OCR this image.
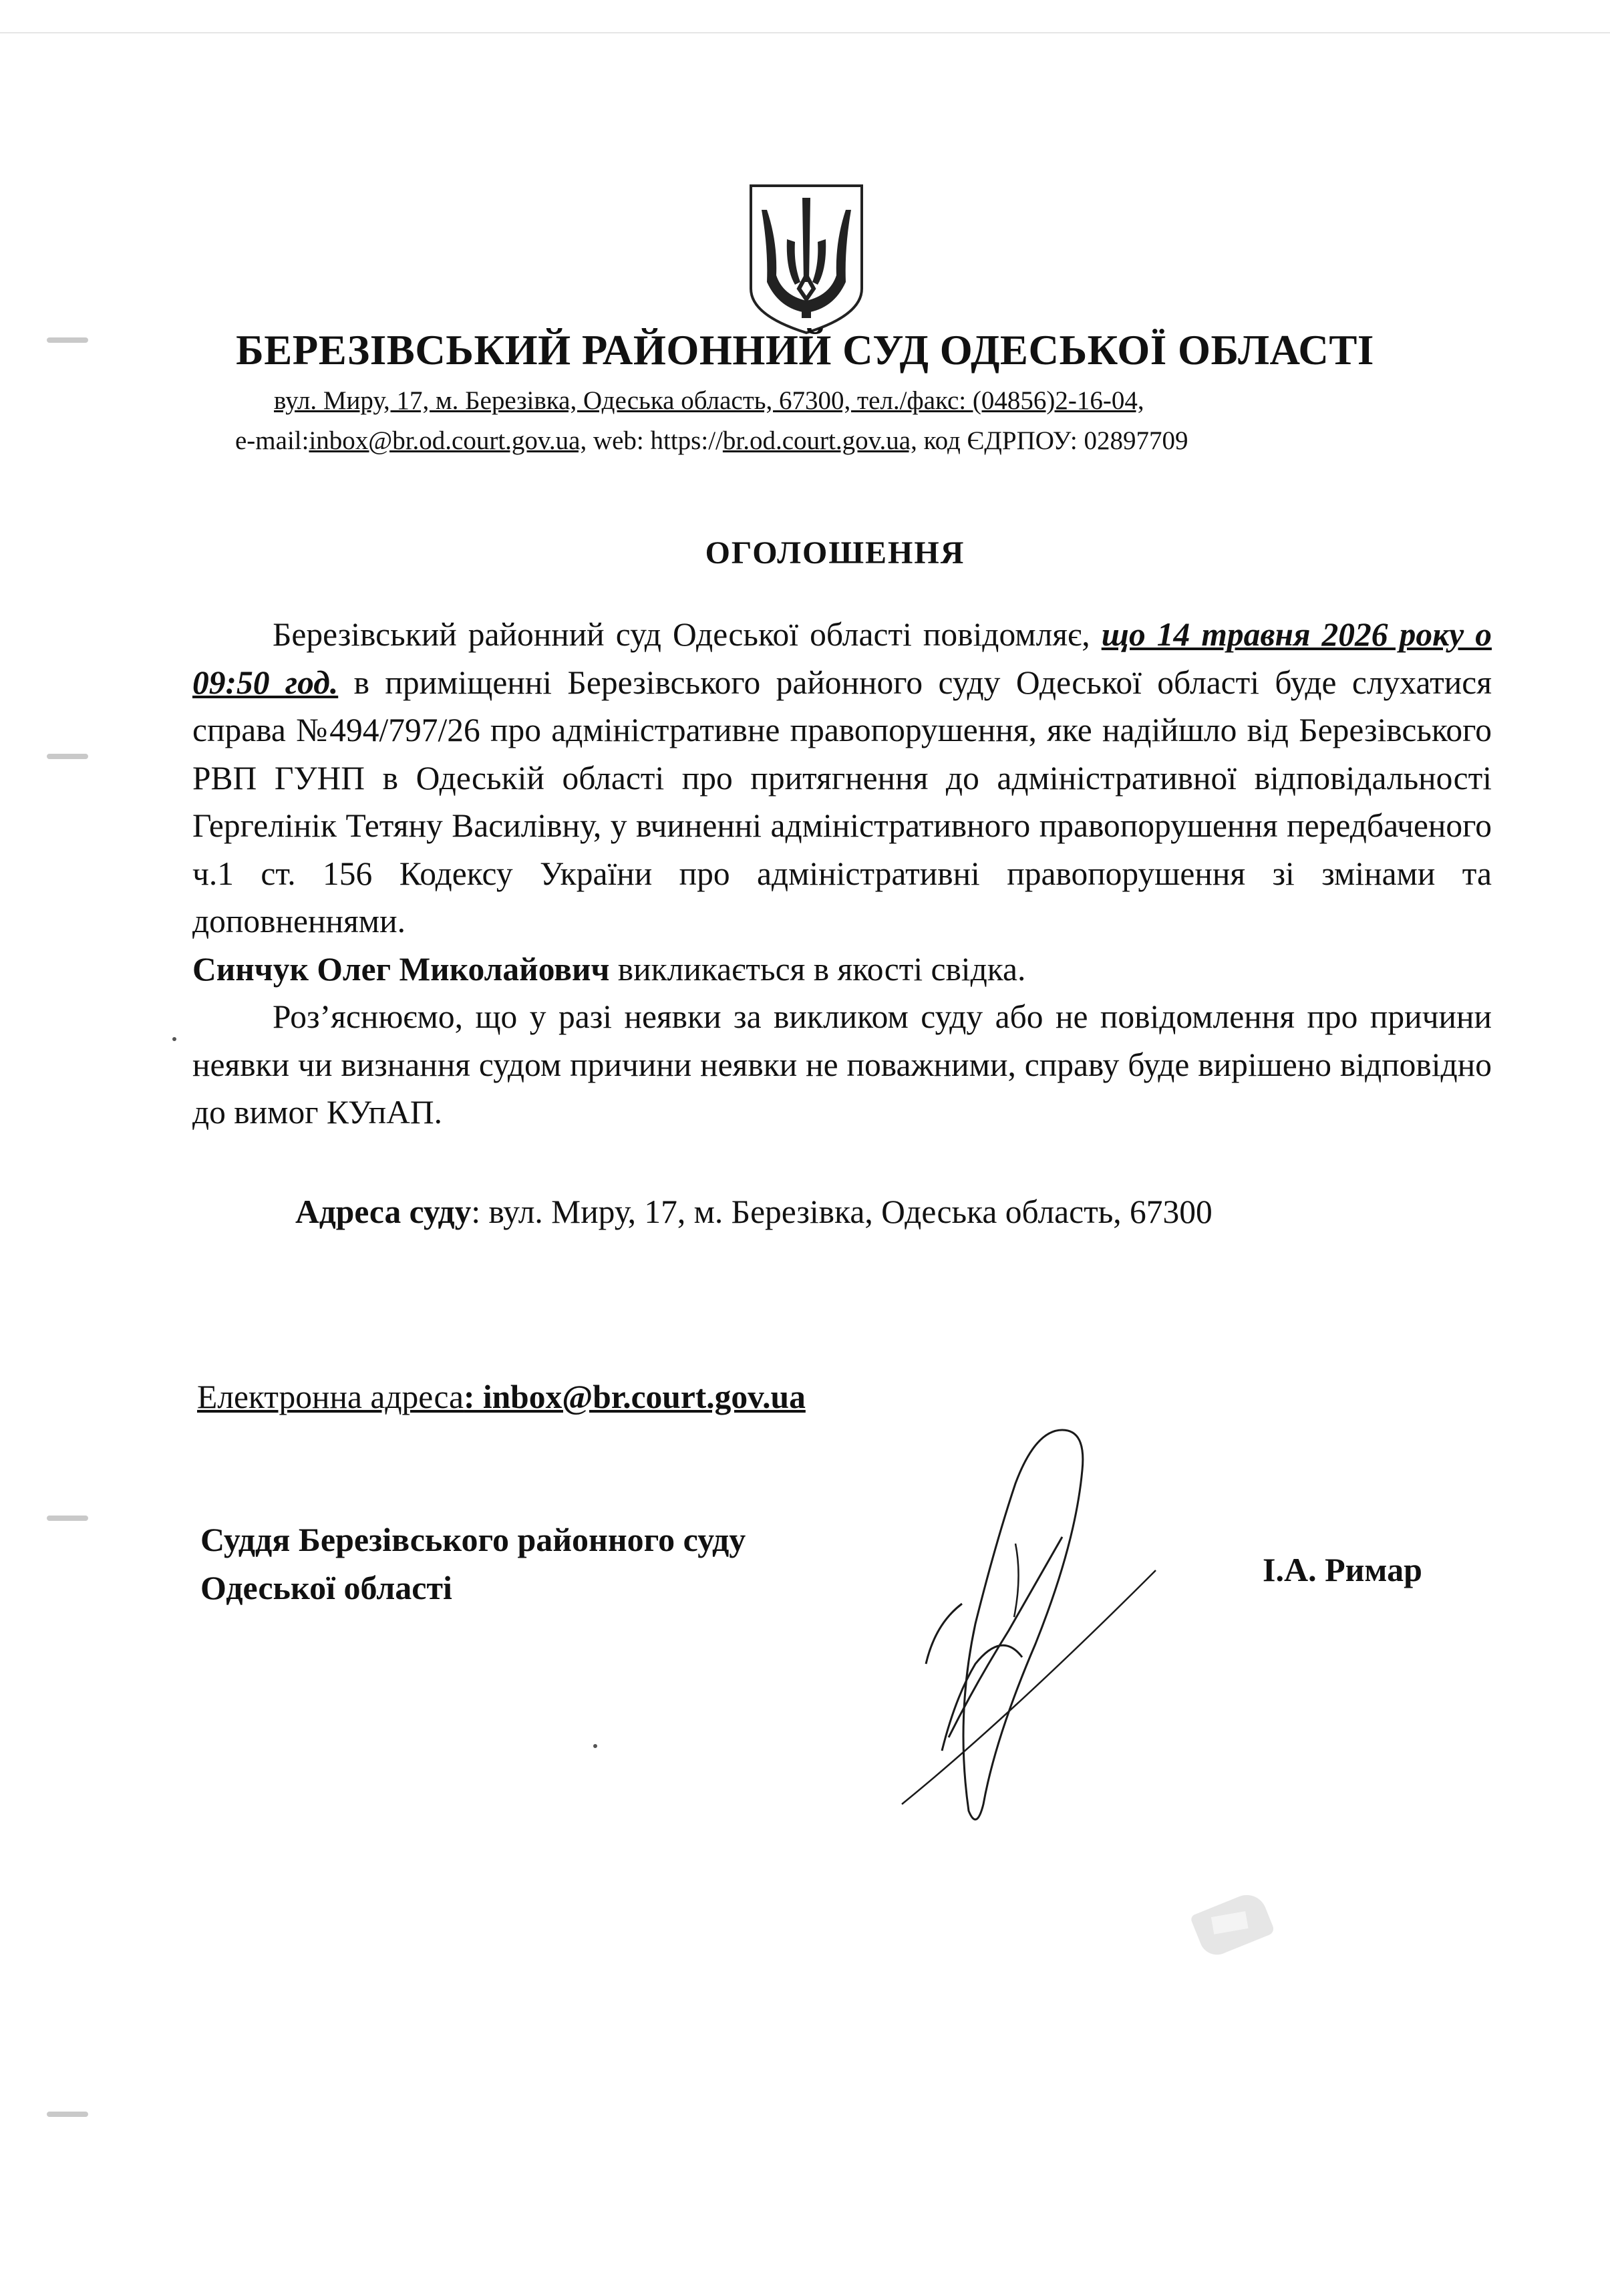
БЕРЕЗІВСЬКИЙ РАЙОННИЙ СУД ОДЕСЬКОЇ ОБЛАСТІ
вул. Миру, 17, м. Березівка, Одеська область, 67300, тел./факс: (04856)2-16-04,
e-mail:inbox@br.od.court.gov.ua, web: https://br.od.court.gov.ua, код ЄДРПОУ: 02897709
ОГОЛОШЕННЯ

Березівський районний суд Одеської області повідомляє, що 14 травня 2026 року о 09:50 год. в приміщенні Березівського районного суду Одеської області буде слухатися справа №494/797/26 про адміністративне правопорушення, яке надійшло від Березівського РВП ГУНП в Одеській області про притягнення до адміністративної відповідальності Гергелінік Тетяну Василівну, у вчиненні адміністративного правопорушення передбаченого ч.1 ст. 156 Кодексу України про адміністративні правопорушення зі змінами та доповненнями.

Синчук Олег Миколайович викликається в якості свідка.

Роз’яснюємо, що у разі неявки за викликом суду або не повідомлення про причини неявки чи визнання судом причини неявки не поважними, справу буде вирішено відповідно до вимог КУпАП.

Адреса суду: вул. Миру, 17, м. Березівка, Одеська область, 67300
Електронна адреса: inbox@br.court.gov.ua
Суддя Березівського районного суду
Одеської області	І.А. Римар
